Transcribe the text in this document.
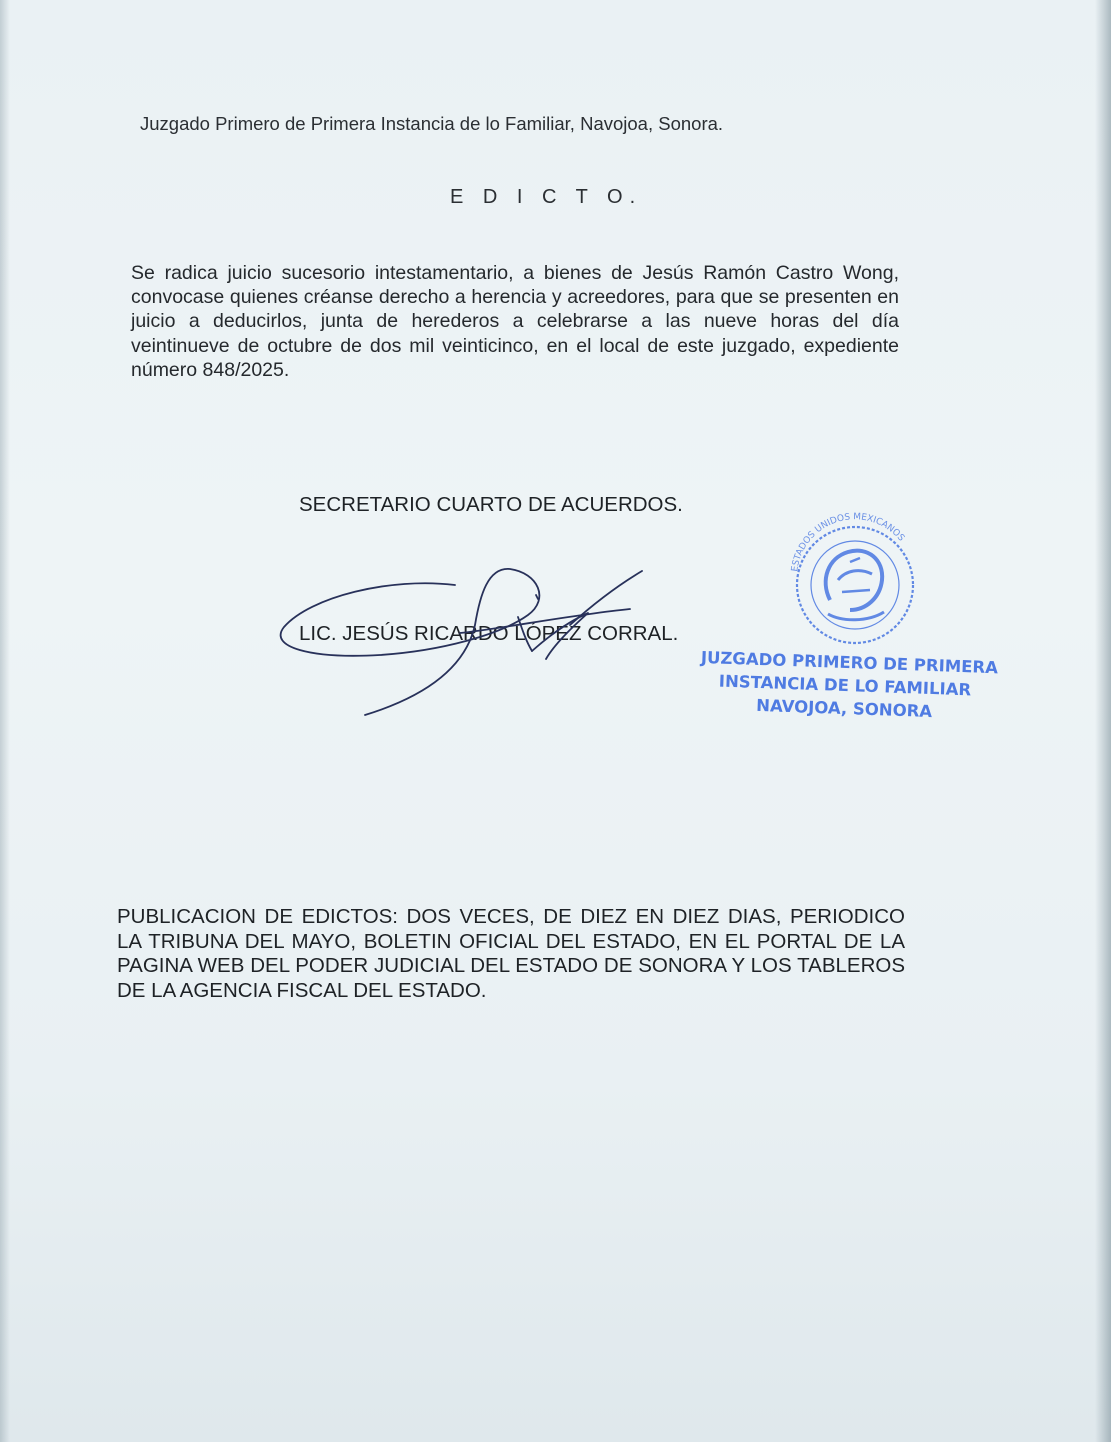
Juzgado Primero de Primera Instancia de lo Familiar, Navojoa, Sonora.
E D I C T O.
Se radica juicio sucesorio intestamentario, a bienes de Jesús Ramón Castro Wong, convocase quienes créanse derecho a herencia y acreedores, para que se presenten en juicio a deducirlos, junta de herederos a celebrarse a las nueve horas del día veintinueve de octubre de dos mil veinticinco, en el local de este juzgado, expediente número 848/2025.
SECRETARIO CUARTO DE ACUERDOS.
LIC. JESÚS RICARDO LÓPEZ CORRAL.
ESTADOS UNIDOS MEXICANOS
JUZGADO PRIMERO DE PRIMERA
INSTANCIA DE LO FAMILIAR
NAVOJOA, SONORA
PUBLICACION DE EDICTOS: DOS VECES, DE DIEZ EN DIEZ DIAS, PERIODICO LA TRIBUNA DEL MAYO, BOLETIN OFICIAL DEL ESTADO, EN EL PORTAL DE LA PAGINA WEB DEL PODER JUDICIAL DEL ESTADO DE SONORA Y LOS TABLEROS DE LA AGENCIA FISCAL DEL ESTADO.
